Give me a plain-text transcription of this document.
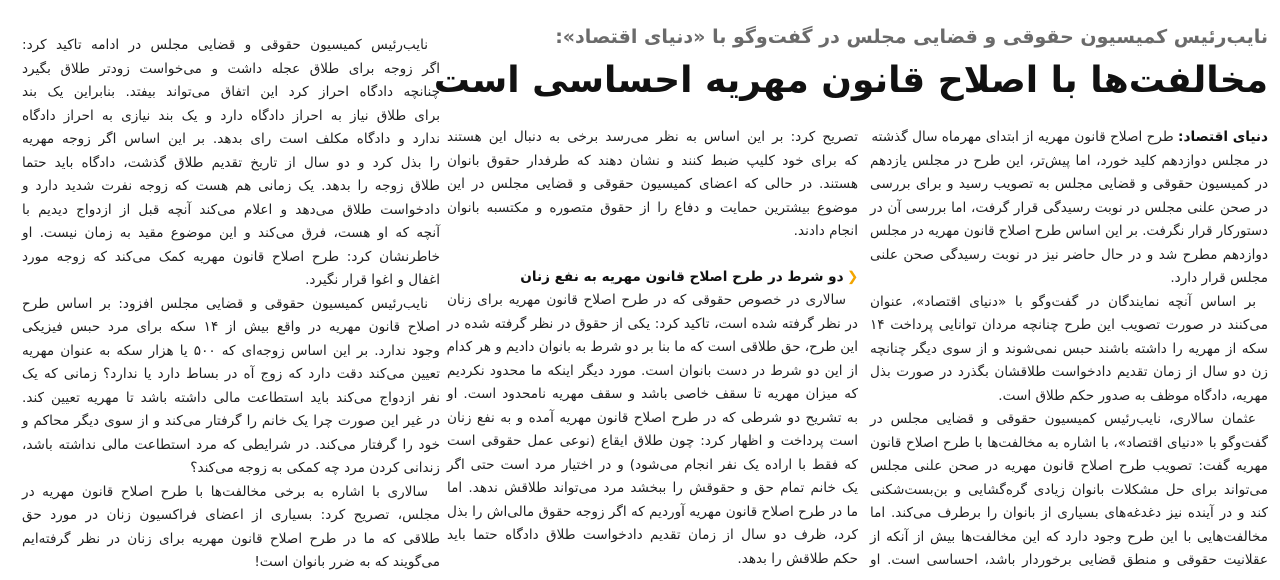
نایب‌رئیس کمیسیون حقوقی و قضایی مجلس در گفت‌وگو با «دنیای اقتصاد»:
مخالفت‌ها با اصلاح قانون مهریه احساسی است
دنیای اقتصاد: طرح اصلاح قانون مهریه از ابتدای مهرماه سال گذشته
در مجلس دوازدهم کلید خورد، اما پیش‌تر، این طرح در مجلس یازدهم
در کمیسیون حقوقی و قضایی مجلس به تصویب رسید و برای بررسی
در صحن علنی مجلس در نوبت رسیدگی قرار گرفت، اما بررسی آن در
دستورکار قرار نگرفت. بر این اساس طرح اصلاح قانون مهریه در مجلس
دوازدهم مطرح شد و در حال حاضر نیز در نوبت رسیدگی صحن علنی
مجلس قرار دارد.
بر اساس آنچه نمایندگان در گفت‌وگو با «دنیای اقتصاد»، عنوان
می‌کنند در صورت تصویب این طرح چنانچه مردان توانایی پرداخت ۱۴
سکه از مهریه را داشته باشند حبس نمی‌شوند و از سوی دیگر چنانچه
زن دو سال از زمان تقدیم دادخواست طلاقشان بگذرد در صورت بذل
مهریه، دادگاه موظف به صدور حکم طلاق است.
عثمان سالاری، نایب‌رئیس کمیسیون حقوقی و قضایی مجلس در
گفت‌وگو با «دنیای اقتصاد»، با اشاره به مخالفت‌ها با طرح اصلاح قانون
مهریه گفت: تصویب طرح اصلاح قانون مهریه در صحن علنی مجلس
می‌تواند برای حل مشکلات بانوان زیادی گره‌گشایی و بن‌بست‌شکنی
کند و در آینده نیز دغدغه‌های بسیاری از بانوان را برطرف می‌کند. اما
مخالفت‌هایی با این طرح وجود دارد که این مخالفت‌ها بیش از آنکه از
عقلانیت حقوقی و منطق قضایی برخوردار باشد، احساسی است. او
تصریح کرد: بر این اساس به نظر می‌رسد برخی به دنبال این هستند
که برای خود کلیپ ضبط کنند و نشان دهند که طرفدار حقوق بانوان
هستند. در حالی که اعضای کمیسیون حقوقی و قضایی مجلس در این
موضوع بیشترین حمایت و دفاع را از حقوق متصوره و مکتسبه بانوان
انجام دادند.
❯دو شرط در طرح اصلاح قانون مهریه به نفع زنان
سالاری در خصوص حقوقی که در طرح اصلاح قانون مهریه برای زنان
در نظر گرفته شده است، تاکید کرد: یکی از حقوق در نظر گرفته شده در
این طرح، حق طلاقی است که ما بنا بر دو شرط به بانوان دادیم و هر کدام
از این دو شرط در دست بانوان است. مورد دیگر اینکه ما محدود نکردیم
که میزان مهریه تا سقف خاصی باشد و سقف مهریه نامحدود است. او
به تشریح دو شرطی که در طرح اصلاح قانون مهریه آمده و به نفع زنان
است پرداخت و اظهار کرد: چون طلاق ایقاع (نوعی عمل حقوقی است
که فقط با اراده یک نفر انجام می‌شود) و در اختیار مرد است حتی اگر
یک خانم تمام حق و حقوقش را ببخشد مرد می‌تواند طلاقش ندهد. اما
ما در طرح اصلاح قانون مهریه آوردیم که اگر زوجه حقوق مالی‌اش را بذل
کرد، ظرف دو سال از زمان تقدیم دادخواست طلاق دادگاه حتما باید
حکم طلاقش را بدهد.
نایب‌رئیس کمیسیون حقوقی و قضایی مجلس در ادامه تاکید کرد:
اگر زوجه برای طلاق عجله داشت و می‌خواست زودتر طلاق بگیرد
چنانچه دادگاه احراز کرد این اتفاق می‌تواند بیفتد. بنابراین یک بند
برای طلاق نیاز به احراز دادگاه دارد و یک بند نیازی به احراز دادگاه
ندارد و دادگاه مکلف است رای بدهد. بر این اساس اگر زوجه مهریه
را بذل کرد و دو سال از تاریخ تقدیم طلاق گذشت، دادگاه باید حتما
طلاق زوجه را بدهد. یک زمانی هم هست که زوجه نفرت شدید دارد و
دادخواست طلاق می‌دهد و اعلام می‌کند آنچه قبل از ازدواج دیدیم با
آنچه که او هست، فرق می‌کند و این موضوع مقید به زمان نیست. او
خاطرنشان کرد: طرح اصلاح قانون مهریه کمک می‌کند که زوجه مورد
اغفال و اغوا قرار نگیرد.
نایب‌رئیس کمیسیون حقوقی و قضایی مجلس افزود: بر اساس طرح
اصلاح قانون مهریه در واقع بیش از ۱۴ سکه برای مرد حبس فیزیکی
وجود ندارد. بر این اساس زوجه‌ای که ۵۰۰ یا هزار سکه به عنوان مهریه
تعیین می‌کند دقت دارد که زوج آه در بساط دارد یا ندارد؟ زمانی که یک
نفر ازدواج می‌کند باید استطاعت مالی داشته باشد تا مهریه تعیین کند.
در غیر این صورت چرا یک خانم را گرفتار می‌کند و از سوی دیگر محاکم و
خود را گرفتار می‌کند. در شرایطی که مرد استطاعت مالی نداشته باشد،
زندانی کردن مرد چه کمکی به زوجه می‌کند؟
سالاری با اشاره به برخی مخالفت‌ها با طرح اصلاح قانون مهریه در
مجلس، تصریح کرد: بسیاری از اعضای فراکسیون زنان در مورد حق
طلاقی که ما در طرح اصلاح قانون مهریه برای زنان در نظر گرفته‌ایم
می‌گویند که به ضرر بانوان است!
